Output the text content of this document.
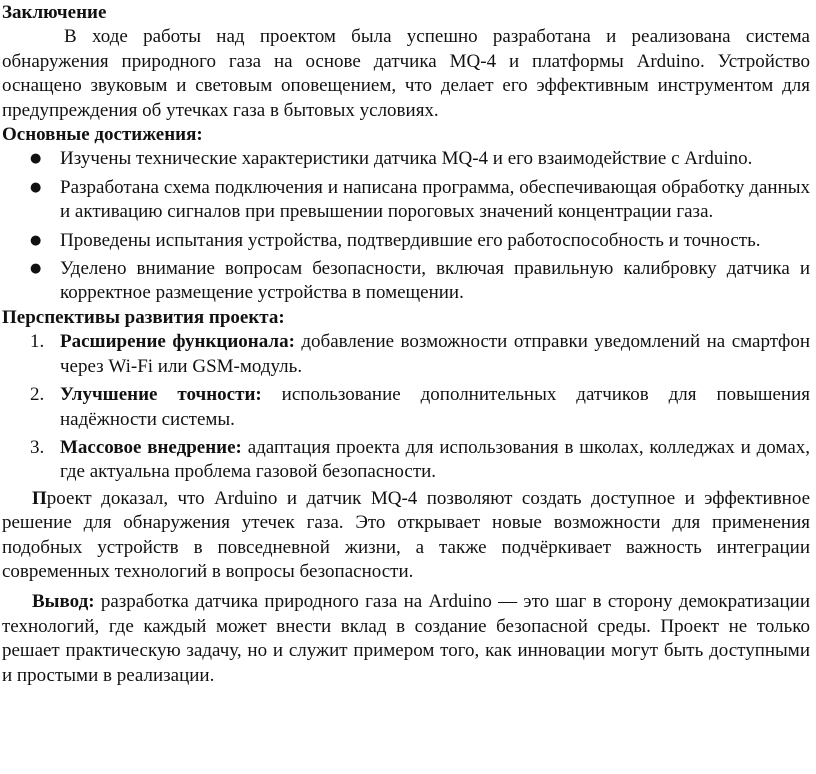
Заключение

В ходе работы над проектом была успешно разработана и реализована система обнаружения природного газа на основе датчика MQ-4 и платформы Arduino. Устройство оснащено звуковым и световым оповещением, что делает его эффективным инструментом для предупреждения об утечках газа в бытовых условиях.

Основные достижения:
● Изучены технические характеристики датчика MQ-4 и его взаимодействие с Arduino.
● Разработана схема подключения и написана программа, обеспечивающая обработку данных и активацию сигналов при превышении пороговых значений концентрации газа.
● Проведены испытания устройства, подтвердившие его работоспособность и точность.
● Уделено внимание вопросам безопасности, включая правильную калибровку датчика и корректное размещение устройства в помещении.
Перспективы развития проекта:
1. Расширение функционала: добавление возможности отправки уведомлений на смартфон через Wi-Fi или GSM-модуль.
2. Улучшение точности: использование дополнительных датчиков для повышения надёжности системы.
3. Массовое внедрение: адаптация проекта для использования в школах, колледжах и домах, где актуальна проблема газовой безопасности.

Проект доказал, что Arduino и датчик MQ-4 позволяют создать доступное и эффективное решение для обнаружения утечек газа. Это открывает новые возможности для применения подобных устройств в повседневной жизни, а также подчёркивает важность интеграции современных технологий в вопросы безопасности.

Вывод: разработка датчика природного газа на Arduino — это шаг в сторону демократизации технологий, где каждый может внести вклад в создание безопасной среды. Проект не только решает практическую задачу, но и служит примером того, как инновации могут быть доступными и простыми в реализации.
